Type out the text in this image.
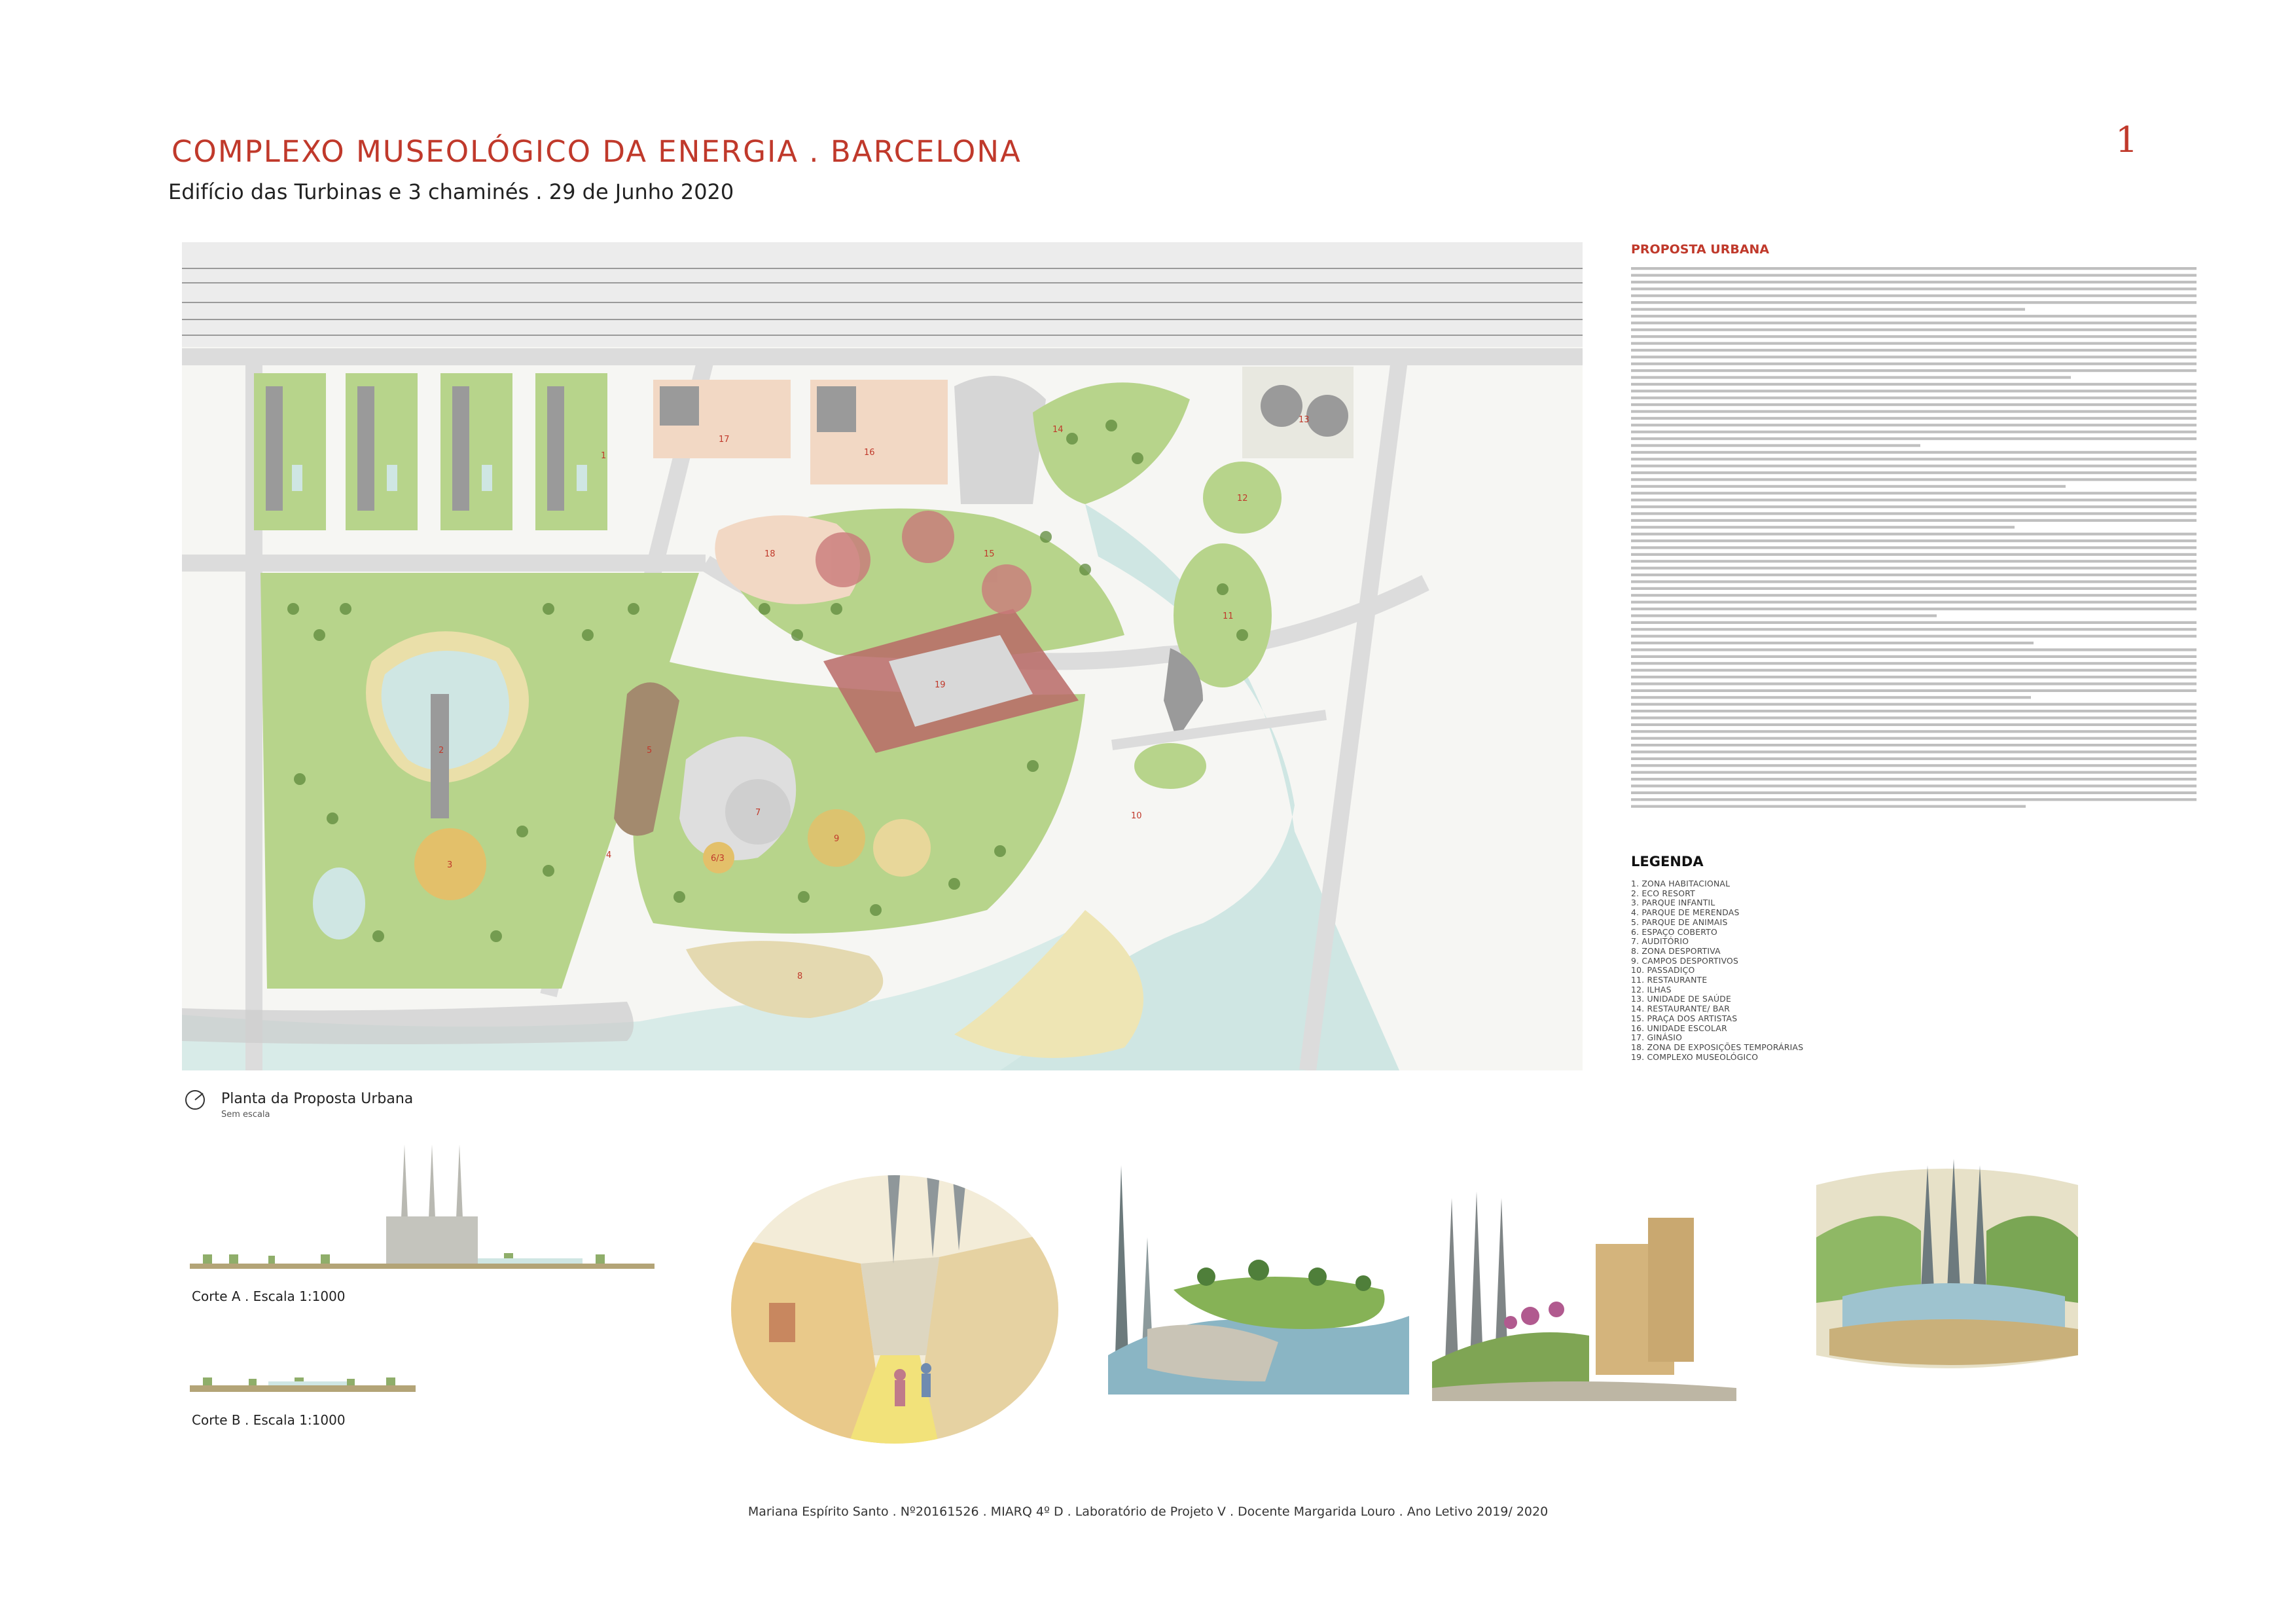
COMPLEXO MUSEOLÓGICO DA ENERGIA . BARCELONA
Edifício das Turbinas e 3 chaminés . 29 de Junho 2020
1
1
2
3
4
5
6/3
7
8
9
10
11
12
13
14
15
16
17
18
19
Planta da Proposta Urbana
Sem escala
PROPOSTA URBANA
LEGENDA
1. ZONA HABITACIONAL
2. ECO RESORT
3. PARQUE INFANTIL
4. PARQUE DE MERENDAS
5. PARQUE DE ANIMAIS
6. ESPAÇO COBERTO
7. AUDITÓRIO
8. ZONA DESPORTIVA
9. CAMPOS DESPORTIVOS
10. PASSADIÇO
11. RESTAURANTE
12. ILHAS
13. UNIDADE DE SAÚDE
14. RESTAURANTE/ BAR
15. PRAÇA DOS ARTISTAS
16. UNIDADE ESCOLAR
17. GINÁSIO
18. ZONA DE EXPOSIÇÕES TEMPORÁRIAS
19. COMPLEXO MUSEOLÓGICO
Corte A . Escala 1:1000
Corte B . Escala 1:1000
Mariana Espírito Santo . Nº20161526 . MIARQ 4º D . Laboratório de Projeto V . Docente Margarida Louro . Ano Letivo 2019/ 2020
